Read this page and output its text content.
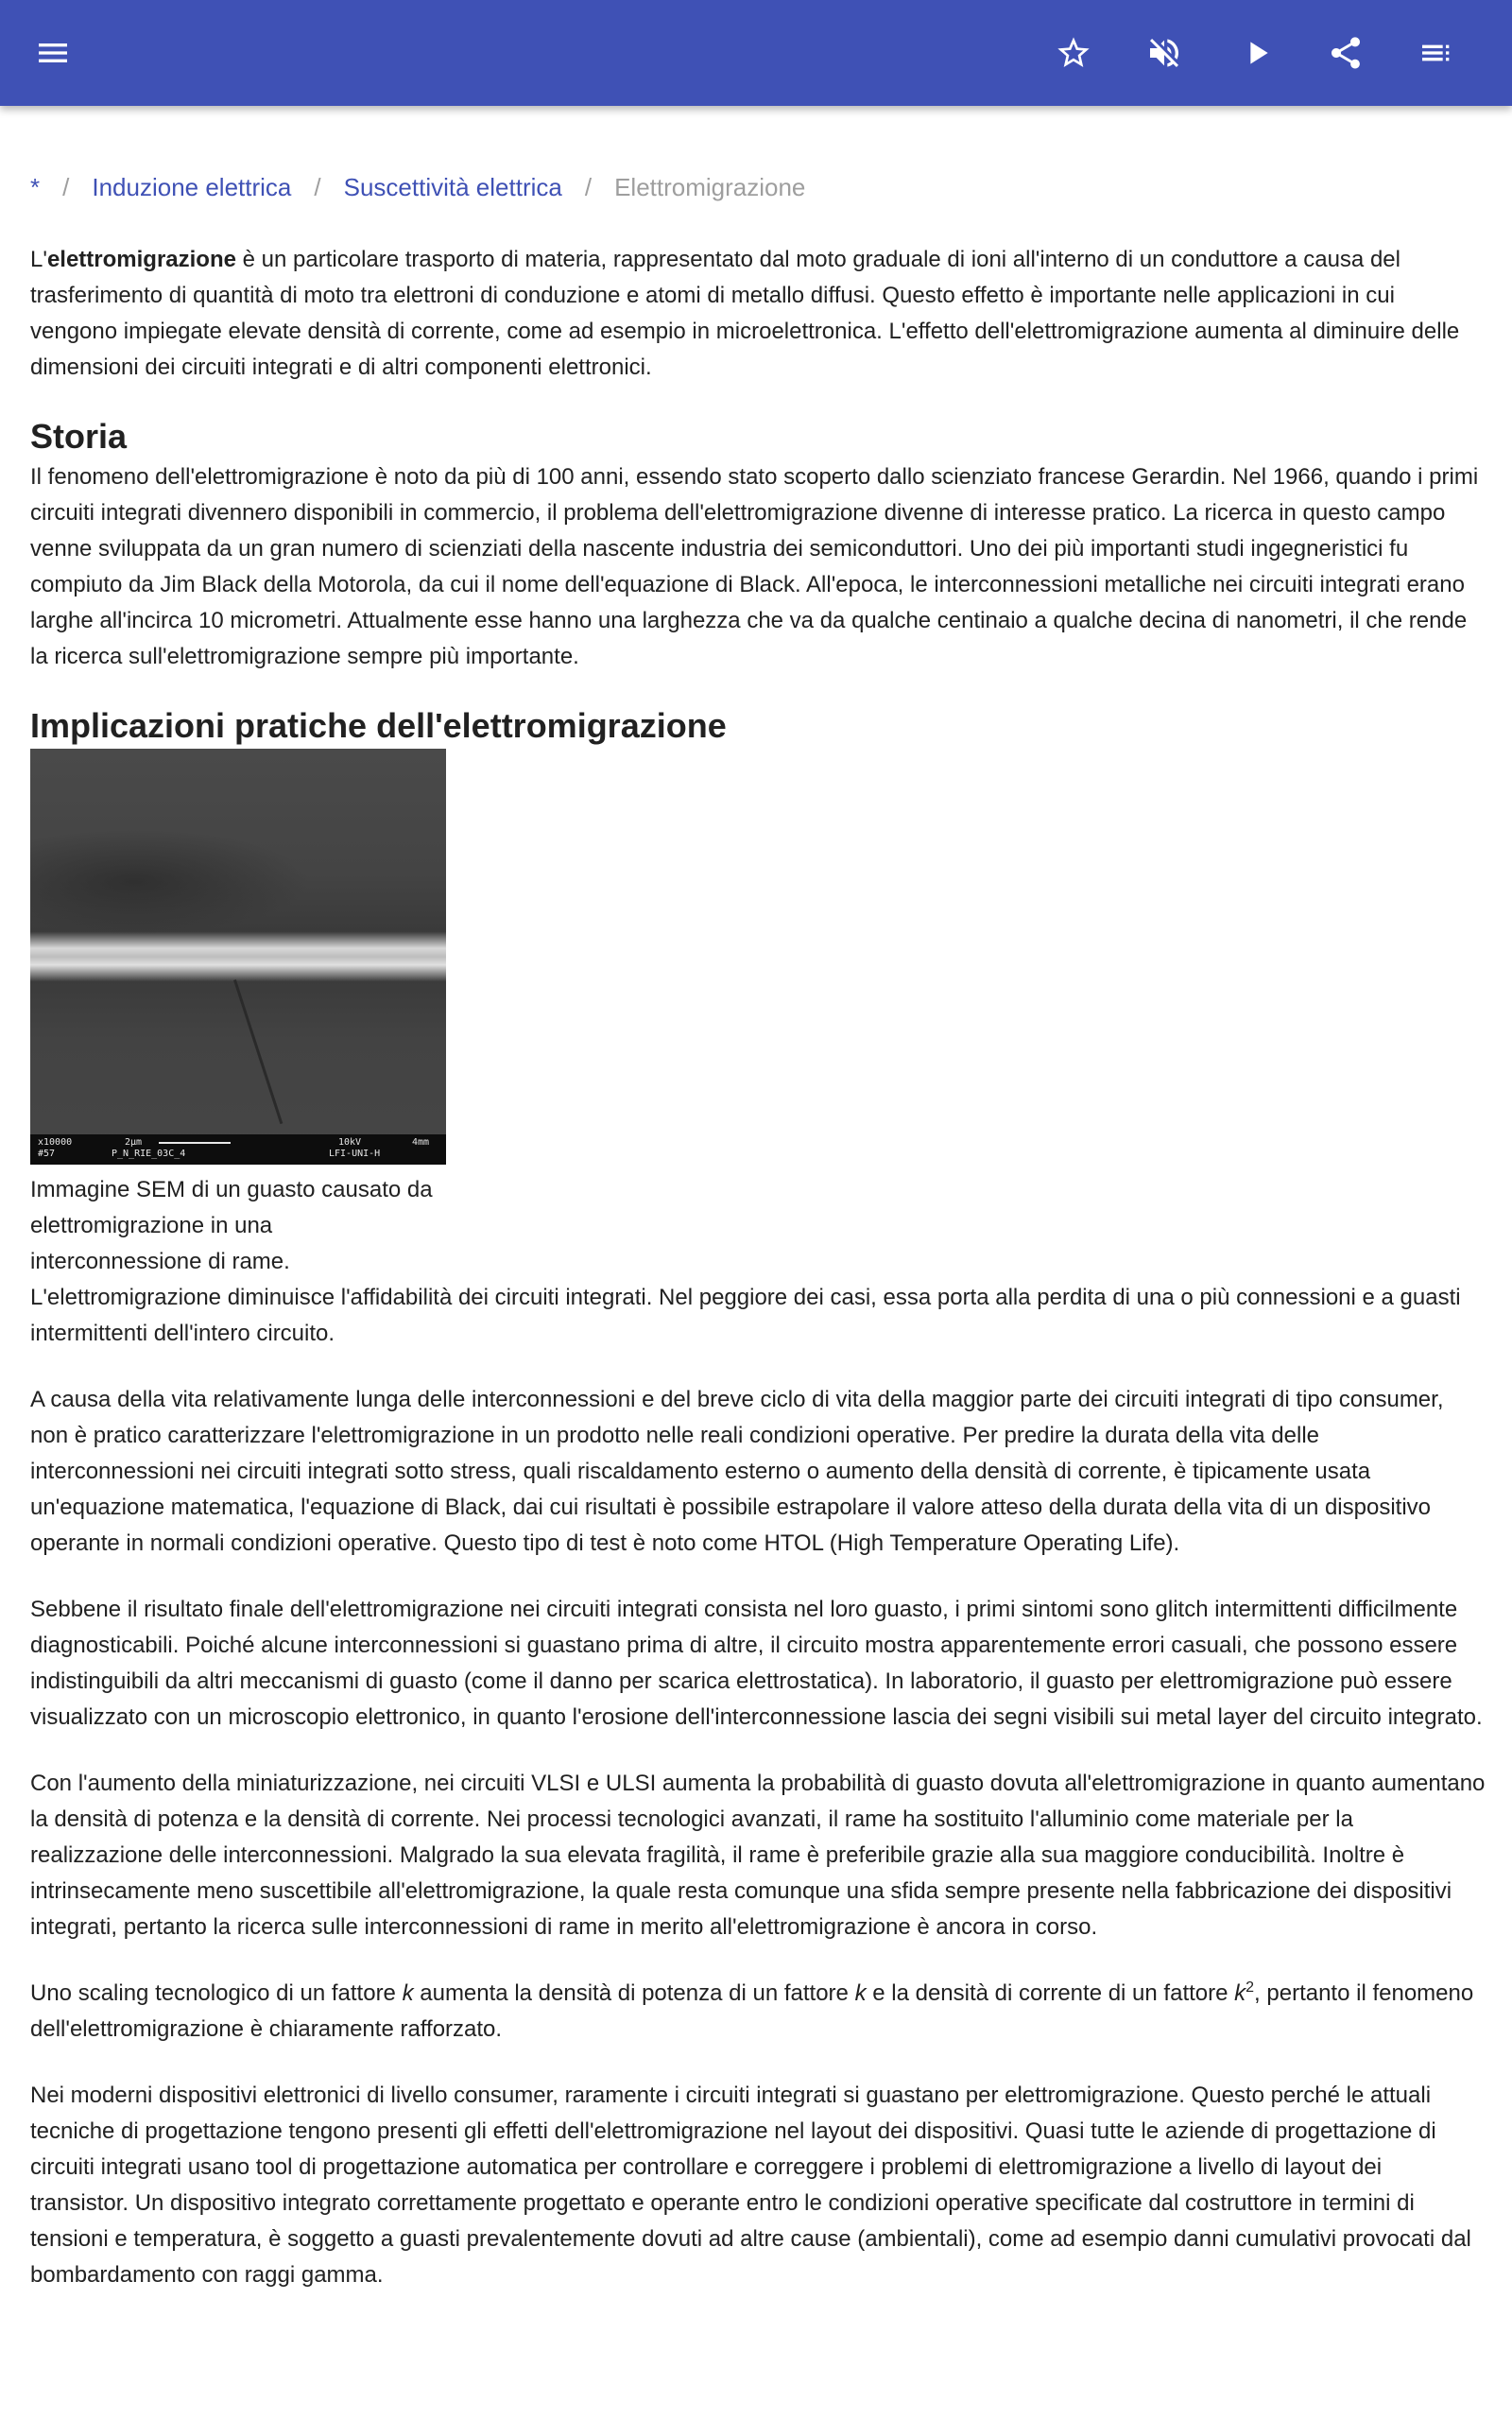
* / Induzione elettrica / Suscettività elettrica / Elettromigrazione

L'elettromigrazione è un particolare trasporto di materia, rappresentato dal moto graduale di ioni all'interno di un conduttore a causa del trasferimento di quantità di moto tra elettroni di conduzione e atomi di metallo diffusi. Questo effetto è importante nelle applicazioni in cui vengono impiegate elevate densità di corrente, come ad esempio in microelettronica. L'effetto dell'elettromigrazione aumenta al diminuire delle dimensioni dei circuiti integrati e di altri componenti elettronici.

Storia

Il fenomeno dell'elettromigrazione è noto da più di 100 anni, essendo stato scoperto dallo scienziato francese Gerardin. Nel 1966, quando i primi circuiti integrati divennero disponibili in commercio, il problema dell'elettromigrazione divenne di interesse pratico. La ricerca in questo campo venne sviluppata da un gran numero di scienziati della nascente industria dei semiconduttori. Uno dei più importanti studi ingegneristici fu compiuto da Jim Black della Motorola, da cui il nome dell'equazione di Black. All'epoca, le interconnessioni metalliche nei circuiti integrati erano larghe all'incirca 10 micrometri. Attualmente esse hanno una larghezza che va da qualche centinaio a qualche decina di nanometri, il che rende la ricerca sull'elettromigrazione sempre più importante.

Implicazioni pratiche dell'elettromigrazione
x10000
#57
2µm
P_N_RIE_03C_4
10kV	4mm
LFI-UNI-H
Immagine SEM di un guasto causato da elettromigrazione in una interconnessione di rame.

L'elettromigrazione diminuisce l'affidabilità dei circuiti integrati. Nel peggiore dei casi, essa porta alla perdita di una o più connessioni e a guasti intermittenti dell'intero circuito.

A causa della vita relativamente lunga delle interconnessioni e del breve ciclo di vita della maggior parte dei circuiti integrati di tipo consumer, non è pratico caratterizzare l'elettromigrazione in un prodotto nelle reali condizioni operative. Per predire la durata della vita delle interconnessioni nei circuiti integrati sotto stress, quali riscaldamento esterno o aumento della densità di corrente, è tipicamente usata un'equazione matematica, l'equazione di Black, dai cui risultati è possibile estrapolare il valore atteso della durata della vita di un dispositivo operante in normali condizioni operative. Questo tipo di test è noto come HTOL (High Temperature Operating Life).

Sebbene il risultato finale dell'elettromigrazione nei circuiti integrati consista nel loro guasto, i primi sintomi sono glitch intermittenti difficilmente diagnosticabili. Poiché alcune interconnessioni si guastano prima di altre, il circuito mostra apparentemente errori casuali, che possono essere indistinguibili da altri meccanismi di guasto (come il danno per scarica elettrostatica). In laboratorio, il guasto per elettromigrazione può essere visualizzato con un microscopio elettronico, in quanto l'erosione dell'interconnessione lascia dei segni visibili sui metal layer del circuito integrato.

Con l'aumento della miniaturizzazione, nei circuiti VLSI e ULSI aumenta la probabilità di guasto dovuta all'elettromigrazione in quanto aumentano la densità di potenza e la densità di corrente. Nei processi tecnologici avanzati, il rame ha sostituito l'alluminio come materiale per la realizzazione delle interconnessioni. Malgrado la sua elevata fragilità, il rame è preferibile grazie alla sua maggiore conducibilità. Inoltre è intrinsecamente meno suscettibile all'elettromigrazione, la quale resta comunque una sfida sempre presente nella fabbricazione dei dispositivi integrati, pertanto la ricerca sulle interconnessioni di rame in merito all'elettromigrazione è ancora in corso.

Uno scaling tecnologico di un fattore k aumenta la densità di potenza di un fattore k e la densità di corrente di un fattore $k^2$, pertanto il fenomeno dell'elettromigrazione è chiaramente rafforzato.

Nei moderni dispositivi elettronici di livello consumer, raramente i circuiti integrati si guastano per elettromigrazione. Questo perché le attuali tecniche di progettazione tengono presenti gli effetti dell'elettromigrazione nel layout dei dispositivi. Quasi tutte le aziende di progettazione di circuiti integrati usano tool di progettazione automatica per controllare e correggere i problemi di elettromigrazione a livello di layout dei transistor. Un dispositivo integrato correttamente progettato e operante entro le condizioni operative specificate dal costruttore in termini di tensioni e temperatura, è soggetto a guasti prevalentemente dovuti ad altre cause (ambientali), come ad esempio danni cumulativi provocati dal bombardamento con raggi gamma.
